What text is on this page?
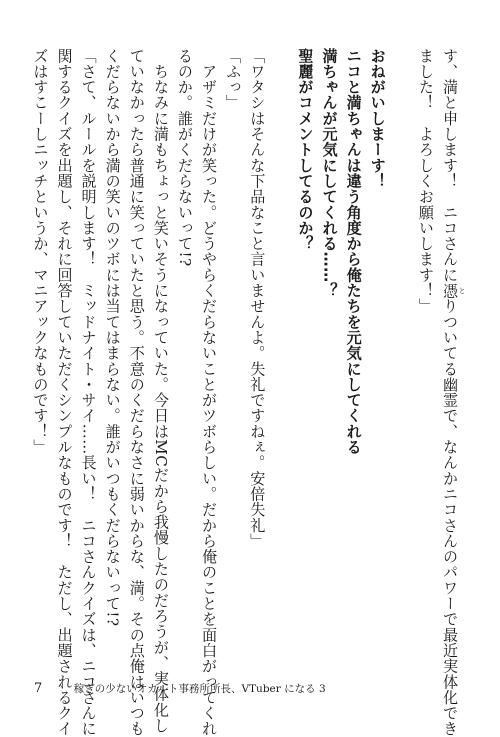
す、満と申します！　ニコさんに憑 とりついてる幽霊で、なんかニコさんのパワーで最近実体化でき
ました！　よろしくお願いします！」
おねがいしまーす！
ニコと満ちゃんは違う角度から俺たちを元気にしてくれる
満ちゃんが元気にしてくれる……？
聖麗がコメントしてるのか？
「ワタシはそんな下品なこと言いませんよ。失礼ですねぇ。安倍失礼」
「ふっ」
　アザミだけが笑った。どうやらくだらないことがツボらしい。だから俺のことを面白がってくれ
るのか。誰がくだらないって!?
　ちなみに満もちょっと笑いそうになっていた。今日はMCだから我慢したのだろうが、実体化し
ていなかったら普通に笑っていたと思う。不意のくだらなさに弱いからな、満。その点俺はいつも
くだらないから満の笑いのツボには当てはまらない。誰がいつもくだらないって!?
「さて、ルールを説明します！　ミッドナイト・サイ……長い！　ニコさんクイズは、ニコさんに
関するクイズを出題し、それに回答していただくシンプルなものです！　ただし、出題されるクイ
ズはすこーしニッチというか、マニアックなものです！」
7	稼ぎの少ないオカルト事務所所長、VTuber になる 3
